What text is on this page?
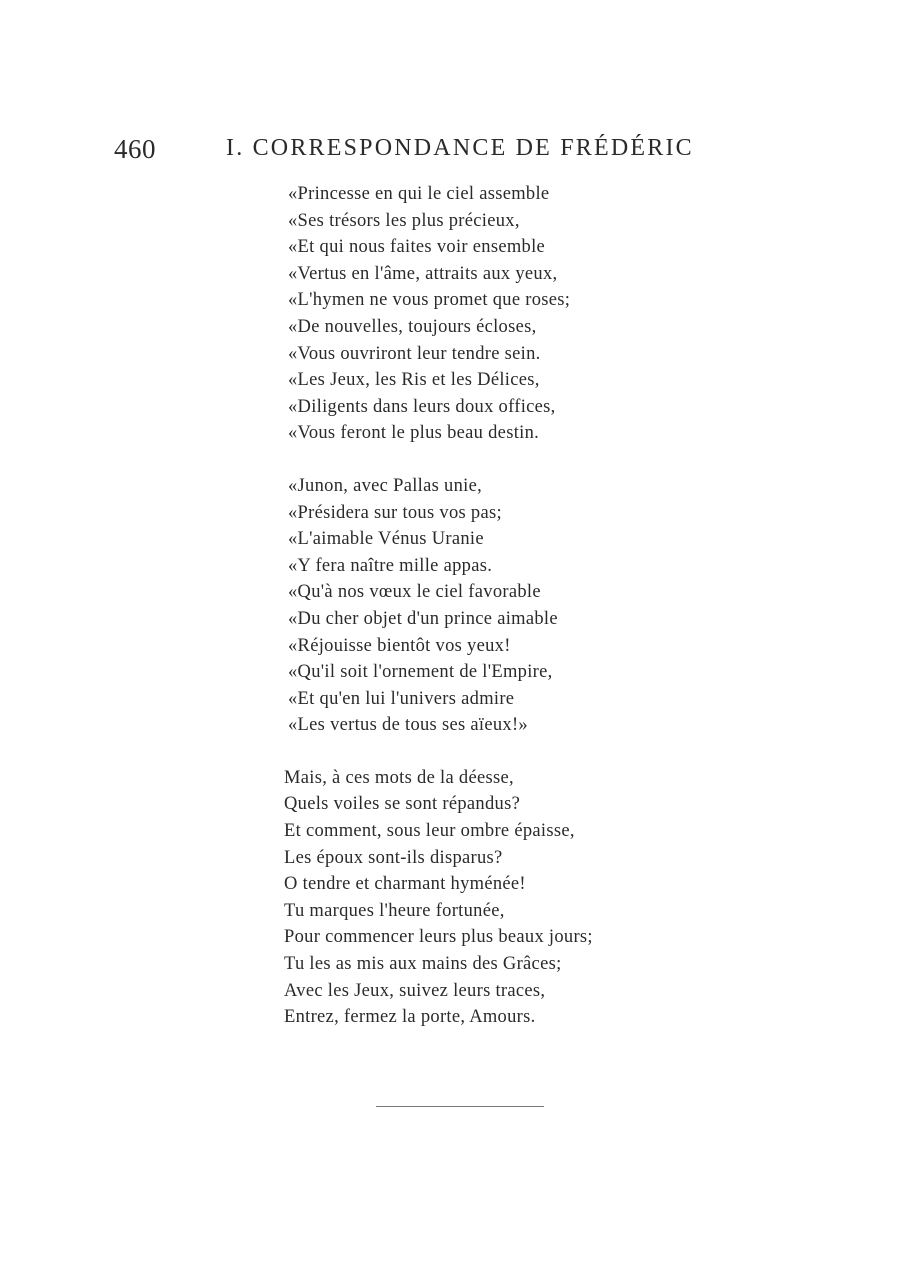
460	I. CORRESPONDANCE DE FRÉDÉRIC
«Princesse en qui le ciel assemble
«Ses trésors les plus précieux,
«Et qui nous faites voir ensemble
«Vertus en l'âme, attraits aux yeux,
«L'hymen ne vous promet que roses;
«De nouvelles, toujours écloses,
«Vous ouvriront leur tendre sein.
«Les Jeux, les Ris et les Délices,
«Diligents dans leurs doux offices,
«Vous feront le plus beau destin.
«Junon, avec Pallas unie,
«Présidera sur tous vos pas;
«L'aimable Vénus Uranie
«Y fera naître mille appas.
«Qu'à nos vœux le ciel favorable
«Du cher objet d'un prince aimable
«Réjouisse bientôt vos yeux!
«Qu'il soit l'ornement de l'Empire,
«Et qu'en lui l'univers admire
«Les vertus de tous ses aïeux!»
Mais, à ces mots de la déesse,
Quels voiles se sont répandus?
Et comment, sous leur ombre épaisse,
Les époux sont-ils disparus?
O tendre et charmant hyménée!
Tu marques l'heure fortunée,
Pour commencer leurs plus beaux jours;
Tu les as mis aux mains des Grâces;
Avec les Jeux, suivez leurs traces,
Entrez, fermez la porte, Amours.
